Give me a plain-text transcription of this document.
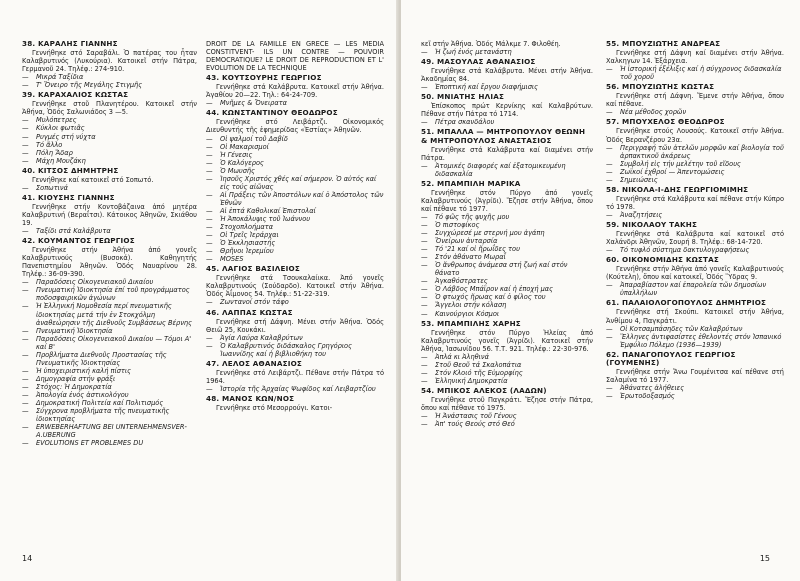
38. ΚΑΡΑΛΗΣ ΓΙΑΝΝΗΣ
Γεννήθηκε στό Σαραβάλι. Ὁ πατέρας του ἦταν Καλαβρυτινός (Λυκούρια). Κατοικεῖ στήν Πάτρα, Γερμανοῦ 24. Τηλέφ.: 274-910.
— Μικρά Ταξίδια
— Τ' Ὄνειρο τῆς Μεγάλης Στιγμῆς
39. ΚΑΡΑΧΑΛΙΟΣ ΚΩΣΤΑΣ
Γεννήθηκε στοῦ Πλανητέρου. Κατοικεῖ στήν Ἀθήνα, Ὁδός Σαλωνιάδος 3 —5.
— Μυλόπετρες
— Κύκλοι φωτιᾶς
— Ρυγμές στή νύχτα
— Τό ἄλλο
— Πόλη Ἄδαρ
— Μάχη Μουζάκη
40. ΚΙΤΣΟΣ ΔΗΜΗΤΡΗΣ
Γεννήθηκε καί κατοικεῖ στό Σοπωτό.
— Σοπωτινά
41. ΚΙΟΥΣΗΣ ΓΙΑΝΝΗΣ
Γεννήθηκε στήν Κοντοβάζαινα ἀπό μητέρα Καλαβρυτινή (Βεραΐτσι). Κάτοικος Ἀθηνῶν, Σκιάθου 19.
— Ταξίδι στά Καλάβρυτα
42. ΚΟΥΜΑΝΤΟΣ ΓΕΩΡΓΙΟΣ
Γεννήθηκε στήν Ἀθήνα ἀπό γονεῖς Καλαβρυτινούς (Βυσοκά). Καθηγητής Πανεπιστημίου Ἀθηνῶν. Ὁδός Ναυαρίνου 28. Τηλέφ.: 36-09-390.
— Παραδόσεις Οἰκογενειακοῦ Δικαίου
— Πνευματική Ἰδιοκτησία ἐπί τοῦ προγράμματος ποδοσφαιρικῶν ἀγώνων
— Ἡ Ἑλληνική Νομοθεσία περί πνευματικῆς ἰδιοκτησίας μετά τήν ἐν Στοκχόλμη ἀναθεώρησιν τῆς Διεθνοῦς Συμβάσεως Βέρνης
— Πνευματική Ἰδιοκτησία
— Παραδόσεις Οἰκογενειακοῦ Δικαίου — Τόμοι Α' καί Β'
— Προβλήματα Διεθνοῦς Προστασίας τῆς Πνευματικῆς Ἰδιοκτησίας
— Ἡ ὑποχειριστική καλή πίστις
— Δημογραφία στήν φράξι
— Στόχος: Ἡ Δημοκρατία
— Ἀπολογία ἐνός ἀστικολόγου
— Δημοκρατική Πολιτεία καί Πολιτισμός
— Σύγχρονα προβλήματα τῆς πνευματικῆς ἰδιοκτησίας
— ERWEBERHAFTUNG BEI UNTERNEHMENSVER-A.UBERUNG
— EVOLUTIONS ET PROBLEMES DU
DROIT DE LA FAMILLE EN GRECE — LES MEDIA CONSTITVENT- ILS UN CONTRE — POUVOIR DEMOCRATIQUE? LE DROIT DE REPRODUCTION ET L' EVOLUTION DE LA TECHNIQUE
43. ΚΟΥΤΣΟΥΡΗΣ ΓΕΩΡΓΙΟΣ
Γεννήθηκε στά Καλάβρυτα. Κατοικεῖ στήν Ἀθήνα. Ἀγαθίου 20—22. Τηλ.: 64-24-709.
— Μνῆμες & Ὄνειρατα
44. ΚΩΝΣΤΑΝΤΙΝΟΥ ΘΕΟΔΩΡΟΣ
Γεννήθηκε στό Λειβάρτζι. Οἰκονομικός Διευθυντής τῆς ἐφημερίδας «Ἑστίας» Ἀθηνῶν.
— Οἱ ψαλμοί τοῦ Δαβίδ
— Οἱ Μακαρισμοί
— Ἡ Γένεσις
— Ὁ Καλόγερος
— Ὁ Μωυσῆς
— Ἰησοῦς Χριστός χθές καί σήμερον. Ὁ αὐτός καί εἰς τούς αἰῶνας
— Αἱ Πράξεις τῶν Ἀποστόλων καί ὁ Ἀπόστολος τῶν Ἐθνῶν
— Αἱ ἑπτά Καθολικαί Ἐπιστολαί
— Ἡ Ἀποκάλυψις τοῦ Ἰωάννου
— Στοχοπλοήματα
— Οἱ Τρεῖς Ἱεράρχαι
— Ὁ Ἐκκλησιαστής
— Θρῆνοι Ἱερεμίου
— MOSES
45. ΛΑΓΙΟΣ ΒΑΣΙΛΕΙΟΣ
Γεννήθηκε στά Τσουκαλαίικα. Ἀπό γονεῖς Καλαβρυτινούς (Σούδαρδο). Κατοικεῖ στήν Ἀθήνα. Ὁδός Ἀΐμονος 54. Τηλέφ.: 51-22-319.
— Ζωντανοί στόν τάφο
46. ΛΑΠΠΑΣ ΚΩΣΤΑΣ
Γεννήθηκε στή Δάφνη. Μένει στήν Ἀθήνα. Ὁδός Θειῶ 25, Κουκάκι.
— Ἁγία Λαύρα Καλαβρύτων
— Ὁ Καλαβρυτινός διδάσκαλος Γρηγόριος Ἰωαννίδης καί ἡ βιβλιοθήκη του
47. ΛΕΛΟΣ ΑΘΑΝΑΣΙΟΣ
Γεννήθηκε στό Λειβάρτζι. Πέθανε στήν Πάτρα τό 1964.
— Ἱστορία τῆς Ἀρχαίας Ψωφίδος καί Λειβαρτζίου
48. ΜΑΝΟΣ ΚΩΝ/ΝΟΣ
Γεννήθηκε στό Μεσορρούγι. Κατοι-
14
κεῖ στήν Ἀθήνα. Ὁδός Μάλκμε 7. Φιλοθέη.
— Ἡ ζωή ἐνός μετανάστη
49. ΜΑΣΟΥΛΑΣ ΑΘΑΝΑΣΙΟΣ
Γεννήθηκε στά Καλάβρυτα. Μένει στήν Ἀθήνα. Ἀκαδημίας 84.
— Ἐποπτική καί ἔργου διαφήμισις
50. ΜΝΙΑΤΗΣ ΗΛΙΑΣ
Ἐπίσκοπος πρώτ Κερνίκης καί Καλαβρύτων. Πέθανε στήν Πάτρα τό 1714.
— Πέτρα σκανδάλου
51. ΜΠΑΛΛΑ — ΜΗΤΡΟΠΟΥΛΟΥ ΘΕΩΝΗ & ΜΗΤΡΟΠΟΥΛΟΣ ΑΝΑΣΤΑΣΙΟΣ
Γεννήθηκε στά Καλάβρυτα καί διαμένει στήν Πάτρα.
— Ἀτομικές διαφορές καί ἐξατομικευμένη διδασκαλία
52. ΜΠΑΜΠΙΛΗ ΜΑΡΙΚΑ
Γεννήθηκε στόν Πύργο ἀπό γονεῖς Καλαβρυτινούς (Ἀγρίδι). Ἔζησε στήν Ἀθήνα, ὅπου καί πέθανε τό 1977.
— Τό φῶς τῆς ψυχῆς μου
— Ὁ πιστοφίκος
— Συγχώρεσέ με στερνή μου ἀγάπη
— Ὄνείρων ἀνταρσία
— Τό '21 καί οἱ ἥρωΐδες του
— Στόν ἀθάνατο Μωραΐ
— Ὁ ἄνθρωπος ἀνάμεσα στή ζωή καί στόν θάνατο
— Ἀγκαθόστρατες
— Ὁ Λάβδος Μπάϊρον καί ἡ ἐποχή μας
— Ὁ φτωχός ἥρωας καί ὁ φίλος του
— Ἄγγελοι στήν κόλαση
— Καινούργιοι Κόσμοι
53. ΜΠΑΜΠΙΛΗΣ ΧΑΡΗΣ
Γεννήθηκε στόν Πύργο Ἠλείας ἀπό Καλαβρυτινούς γονεῖς (Ἀγρίδι). Κατοικεῖ στήν Ἀθήνα, Ἰασωνίδου 56. Τ.Τ. 921. Τηλέφ.: 22-30-976.
— Ἀπλά κι Ἀληθινά
— Στοῦ Θεοῦ τά Σκαλοπάτια
— Στόν Κλοιό τῆς Εὐμορφίης
— Ἑλληνική Δημοκρατία
54. ΜΠΙΚΟΣ ΑΛΕΚΟΣ (ΛΑΔΩΝ)
Γεννήθηκε στοῦ Παγκράτι. Ἔζησε στήν Πάτρα, ὅπου καί πέθανε τό 1975.
— Ἡ Ἀνάστασις τοῦ Γένους
— Ἀπ' τούς Θεούς στό Θεό
55. ΜΠΟΥΖΙΩΤΗΣ ΑΝΔΡΕΑΣ
Γεννήθηκε στή Δάφνη καί διαμένει στήν Ἀθήνα. Χαλκηγων 14. Ἐξάρχεια.
— Ἡ ἱστορική ἐξέλιξις καί ἡ σύγχρονος διδασκαλία τοῦ χοροῦ
56. ΜΠΟΥΖΙΩΤΗΣ ΚΩΣΤΑΣ
Γεννήθηκε στή Δάφνη. Ἔμενε στήν Ἀθήνα, ὅπου καί πέθανε.
— Νέα μέθοδος χορῶν
57. ΜΠΟΥΧΕΛΟΣ ΘΕΟΔΩΡΟΣ
Γεννήθηκε στούς Λουσούς. Κατοικεῖ στήν Ἀθήνα. Ὁδός Βερανζέρου 23α.
— Περιγραφή τῶν ἀτελῶν μορφῶν καί βιολογία τοῦ ἀρπακτικοῦ ἀκάρεως
— Συμβολή εἰς τήν μελέτην τοῦ εἴδους
— Ζωϊκοί ἐχθροί — Ἀπεντομώσεις
— Σημειώσεις
58. ΝΙΚΟΛΑ-Ι-ΔΗΣ ΓΕΩΡΓΙΟΜΙΜΗΣ
Γεννήθηκε στά Καλάβρυτα καί πέθανε στήν Κύπρο τό 1978.
— Ἀναζητήσεις
59. ΝΙΚΟΛΑΟΥ ΤΑΚΗΣ
Γεννήθηκε στά Καλάβρυτα καί κατοικεῖ στό Χαλάνδρι Ἀθηνῶν, Σουρή 8. Τηλέφ.: 68-14-720.
— Τό τυφλό σύστημα δακτυλογραφήσεως
60. ΟΙΚΟΝΟΜΙΔΗΣ ΚΩΣΤΑΣ
Γεννήθηκε στήν Ἀθήνα ἀπό γονεῖς Καλαβρυτινούς (Κούτελη), ὅπου καί κατοικεῖ, Ὁδός Ὕδρας 9.
— Ἀπαραβίαστον καί ἐπαρολεία τῶν δημοσίων ὑπαλλήλων
61. ΠΑΛΑΙΟΛΟΓΟΠΟΥΛΟΣ ΔΗΜΗΤΡΙΟΣ
Γεννήθηκε στή Σκούπι. Κατοικεῖ στήν Ἀθήνα, Ἀνθίμου 4, Παγκράτι.
— Οἱ Κοτσαμπάσηδες τῶν Καλαβρύτων
— Ἕλληνες ἀντιφασίστες ἐθελοντές στόν Ἱσπανικό Ἐμφύλιο Πόλεμο (1936—1939)
62. ΠΑΝΑΓΟΠΟΥΛΟΣ ΓΕΩΡΓΙΟΣ (ΓΟΥΜΕΝΗΣ)
Γεννήθηκε στήν Ἄνω Γουμένιτσα καί πέθανε στή Σαλαμίνα τό 1977.
— Ἀθάνατες ἀλήθειες
— Ἐρωτοδοξασμός
15
